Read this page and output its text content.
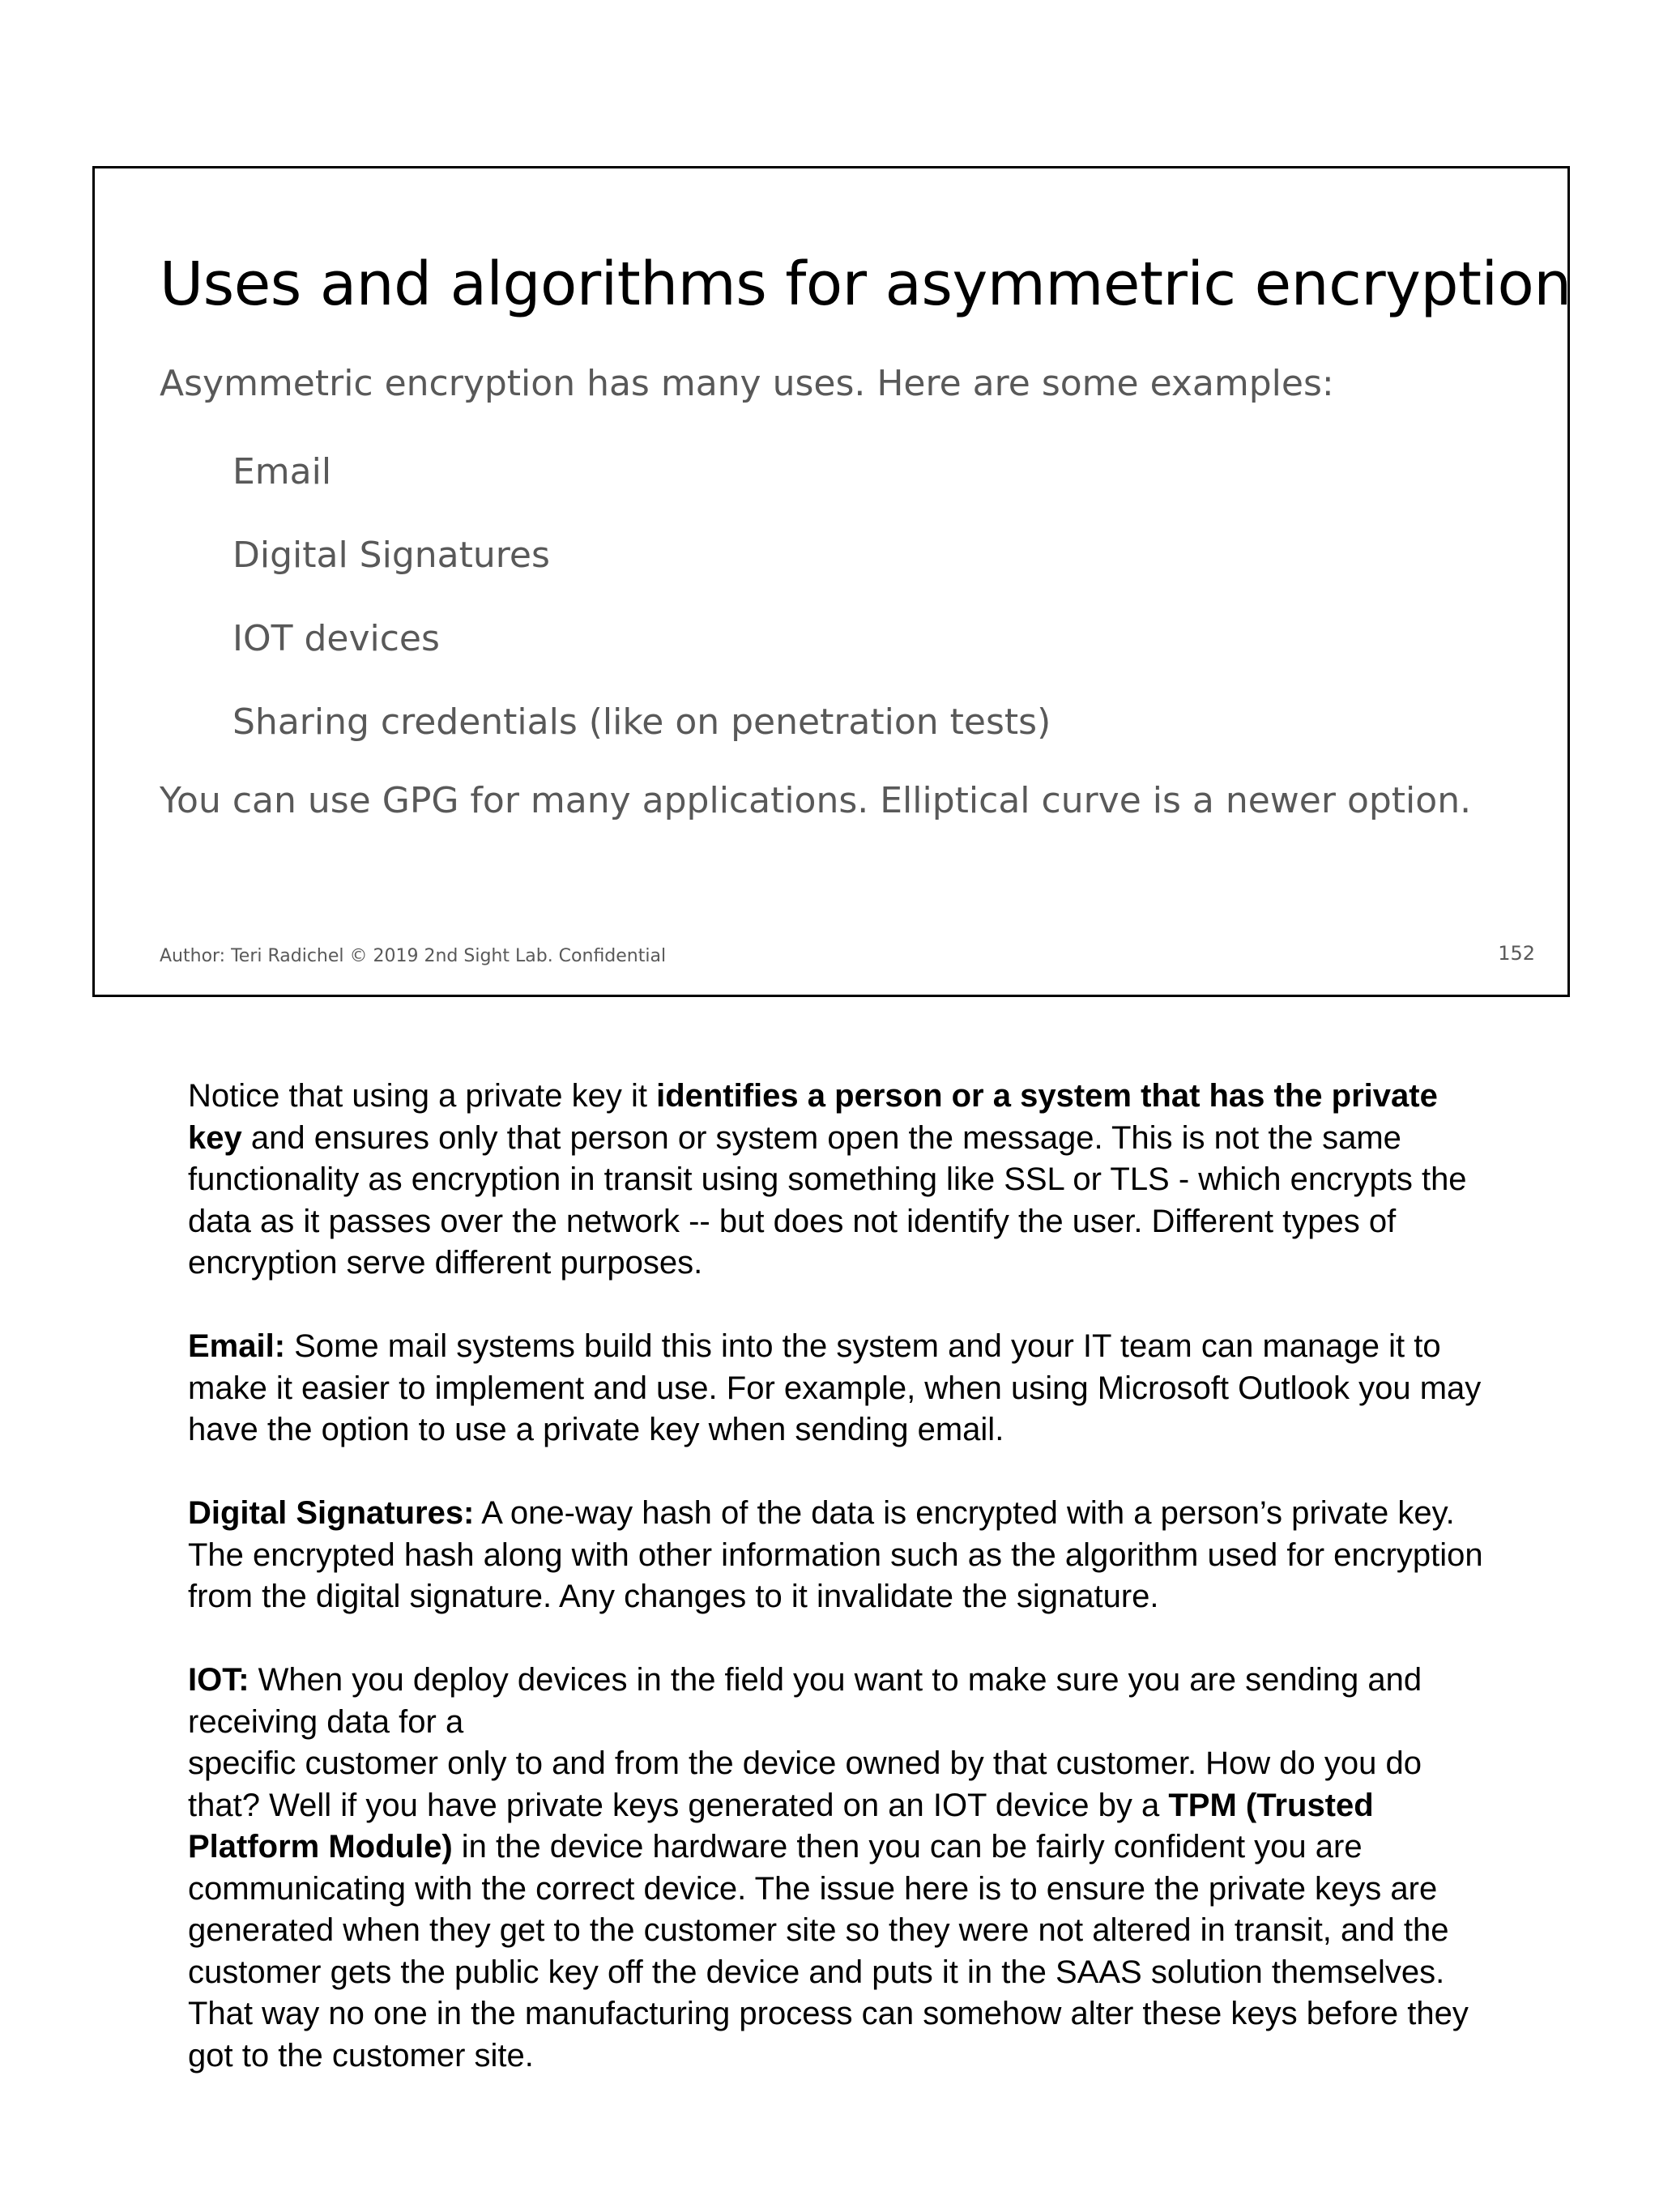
Uses and algorithms for asymmetric encryption
Asymmetric encryption has many uses. Here are some examples:
Email
Digital Signatures
IOT devices
Sharing credentials (like on penetration tests)
You can use GPG for many applications. Elliptical curve is a newer option.
Author: Teri Radichel © 2019 2nd Sight Lab. Confidential	152

Notice that using a private key it identifies a person or a system that has the private key and ensures only that person or system open the message. This is not the same functionality as encryption in transit using something like SSL or TLS - which encrypts the data as it passes over the network -- but does not identify the user. Different types of encryption serve different purposes.

Email: Some mail systems build this into the system and your IT team can manage it to make it easier to implement and use. For example, when using Microsoft Outlook you may have the option to use a private key when sending email.

Digital Signatures: A one-way hash of the data is encrypted with a person’s private key. The encrypted hash along with other information such as the algorithm used for encryption from the digital signature. Any changes to it invalidate the signature.

IOT: When you deploy devices in the field you want to make sure you are sending and receiving data for a
specific customer only to and from the device owned by that customer. How do you do that? Well if you have private keys generated on an IOT device by a TPM (Trusted Platform Module) in the device hardware then you can be fairly confident you are communicating with the correct device. The issue here is to ensure the private keys are generated when they get to the customer site so they were not altered in transit, and the customer gets the public key off the device and puts it in the SAAS solution themselves. That way no one in the manufacturing process can somehow alter these keys before they got to the customer site.
